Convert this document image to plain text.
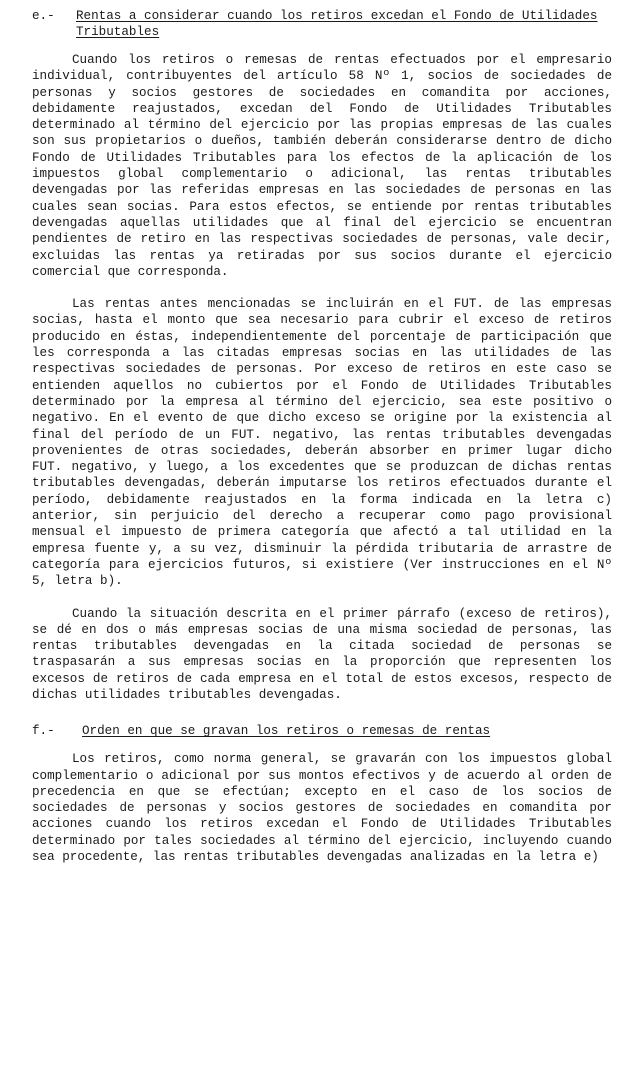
e.-	Rentas a considerar cuando los retiros excedan el Fondo de Utilidades Tributables

Cuando los retiros o remesas de rentas efectuados por el empresario individual, contribuyentes del artículo 58 Nº 1, socios de sociedades de personas y socios gestores de sociedades en comandita por acciones, debidamente reajustados, excedan del Fondo de Utilidades Tributables determinado al término del ejercicio por las propias empresas de las cuales son sus propietarios o dueños, también deberán considerarse dentro de dicho Fondo de Utilidades Tributables para los efectos de la aplicación de los impuestos global complementario o adicional, las rentas tributables devengadas por las referidas empresas en las sociedades de personas en las cuales sean socias. Para estos efectos, se entiende por rentas tributables devengadas aquellas utilidades que al final del ejercicio se encuentran pendientes de retiro en las respectivas sociedades de personas, vale decir, excluidas las rentas ya retiradas por sus socios durante el ejercicio comercial que corresponda.

Las rentas antes mencionadas se incluirán en el FUT. de las empresas socias, hasta el monto que sea necesario para cubrir el exceso de retiros producido en éstas, independientemente del porcentaje de participación que les corresponda a las citadas empresas socias en las utilidades de las respectivas sociedades de personas. Por exceso de retiros en este caso se entienden aquellos no cubiertos por el Fondo de Utilidades Tributables determinado por la empresa al término del ejercicio, sea este positivo o negativo. En el evento de que dicho exceso se origine por la existencia al final del período de un FUT. negativo, las rentas tributables devengadas provenientes de otras sociedades, deberán absorber en primer lugar dicho FUT. negativo, y luego, a los excedentes que se produzcan de dichas rentas tributables devengadas, deberán imputarse los retiros efectuados durante el período, debidamente reajustados en la forma indicada en la letra c) anterior, sin perjuicio del derecho a recuperar como pago provisional mensual el impuesto de primera categoría que afectó a tal utilidad en la empresa fuente y, a su vez, disminuir la pérdida tributaria de arrastre de categoría para ejercicios futuros, si existiere (Ver instrucciones en el Nº 5, letra b).

Cuando la situación descrita en el primer párrafo (exceso de retiros), se dé en dos o más empresas socias de una misma sociedad de personas, las rentas tributables devengadas en la citada sociedad de personas se traspasarán a sus empresas socias en la proporción que representen los excesos de retiros de cada empresa en el total de estos excesos, respecto de dichas utilidades tributables devengadas.

f.-	Orden en que se gravan los retiros o remesas de rentas

Los retiros, como norma general, se gravarán con los impuestos global complementario o adicional por sus montos efectivos y de acuerdo al orden de precedencia en que se efectúan; excepto en el caso de los socios de sociedades de personas y socios gestores de sociedades en comandita por acciones cuando los retiros excedan el Fondo de Utilidades Tributables determinado por tales sociedades al término del ejercicio, incluyendo cuando sea procedente, las rentas tributables devengadas analizadas en la letra e)
